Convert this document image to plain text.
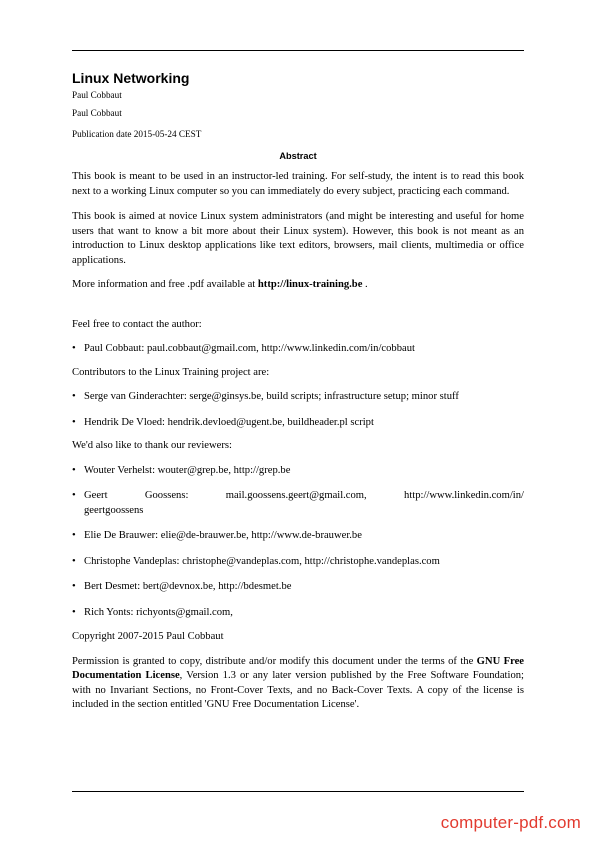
Linux Networking
Paul Cobbaut
Paul Cobbaut
Publication date 2015-05-24 CEST
Abstract

This book is meant to be used in an instructor-led training. For self-study, the intent is to read this book next to a working Linux computer so you can immediately do every subject, practicing each command.

This book is aimed at novice Linux system administrators (and might be interesting and useful for home users that want to know a bit more about their Linux system). However, this book is not meant as an introduction to Linux desktop applications like text editors, browsers, mail clients, multimedia or office applications.

More information and free .pdf available at http://linux-training.be .

Feel free to contact the author:

• Paul Cobbaut: paul.cobbaut@gmail.com, http://www.linkedin.com/in/cobbaut

Contributors to the Linux Training project are:

• Serge van Ginderachter: serge@ginsys.be, build scripts; infrastructure setup; minor stuff
• Hendrik De Vloed: hendrik.devloed@ugent.be, buildheader.pl script

We'd also like to thank our reviewers:

• Wouter Verhelst: wouter@grep.be, http://grep.be
• Geert	Goossens:	mail.goossens.geert@gmail.com,	http://www.linkedin.com/in/
geertgoossens
• Elie De Brauwer: elie@de-brauwer.be, http://www.de-brauwer.be
• Christophe Vandeplas: christophe@vandeplas.com, http://christophe.vandeplas.com
• Bert Desmet: bert@devnox.be, http://bdesmet.be
• Rich Yonts: richyonts@gmail.com,

Copyright 2007-2015 Paul Cobbaut

Permission is granted to copy, distribute and/or modify this document under the terms of the GNU Free Documentation License, Version 1.3 or any later version published by the Free Software Foundation; with no Invariant Sections, no Front-Cover Texts, and no Back-Cover Texts. A copy of the license is included in the section entitled 'GNU Free Documentation License'.

computer-pdf.com
